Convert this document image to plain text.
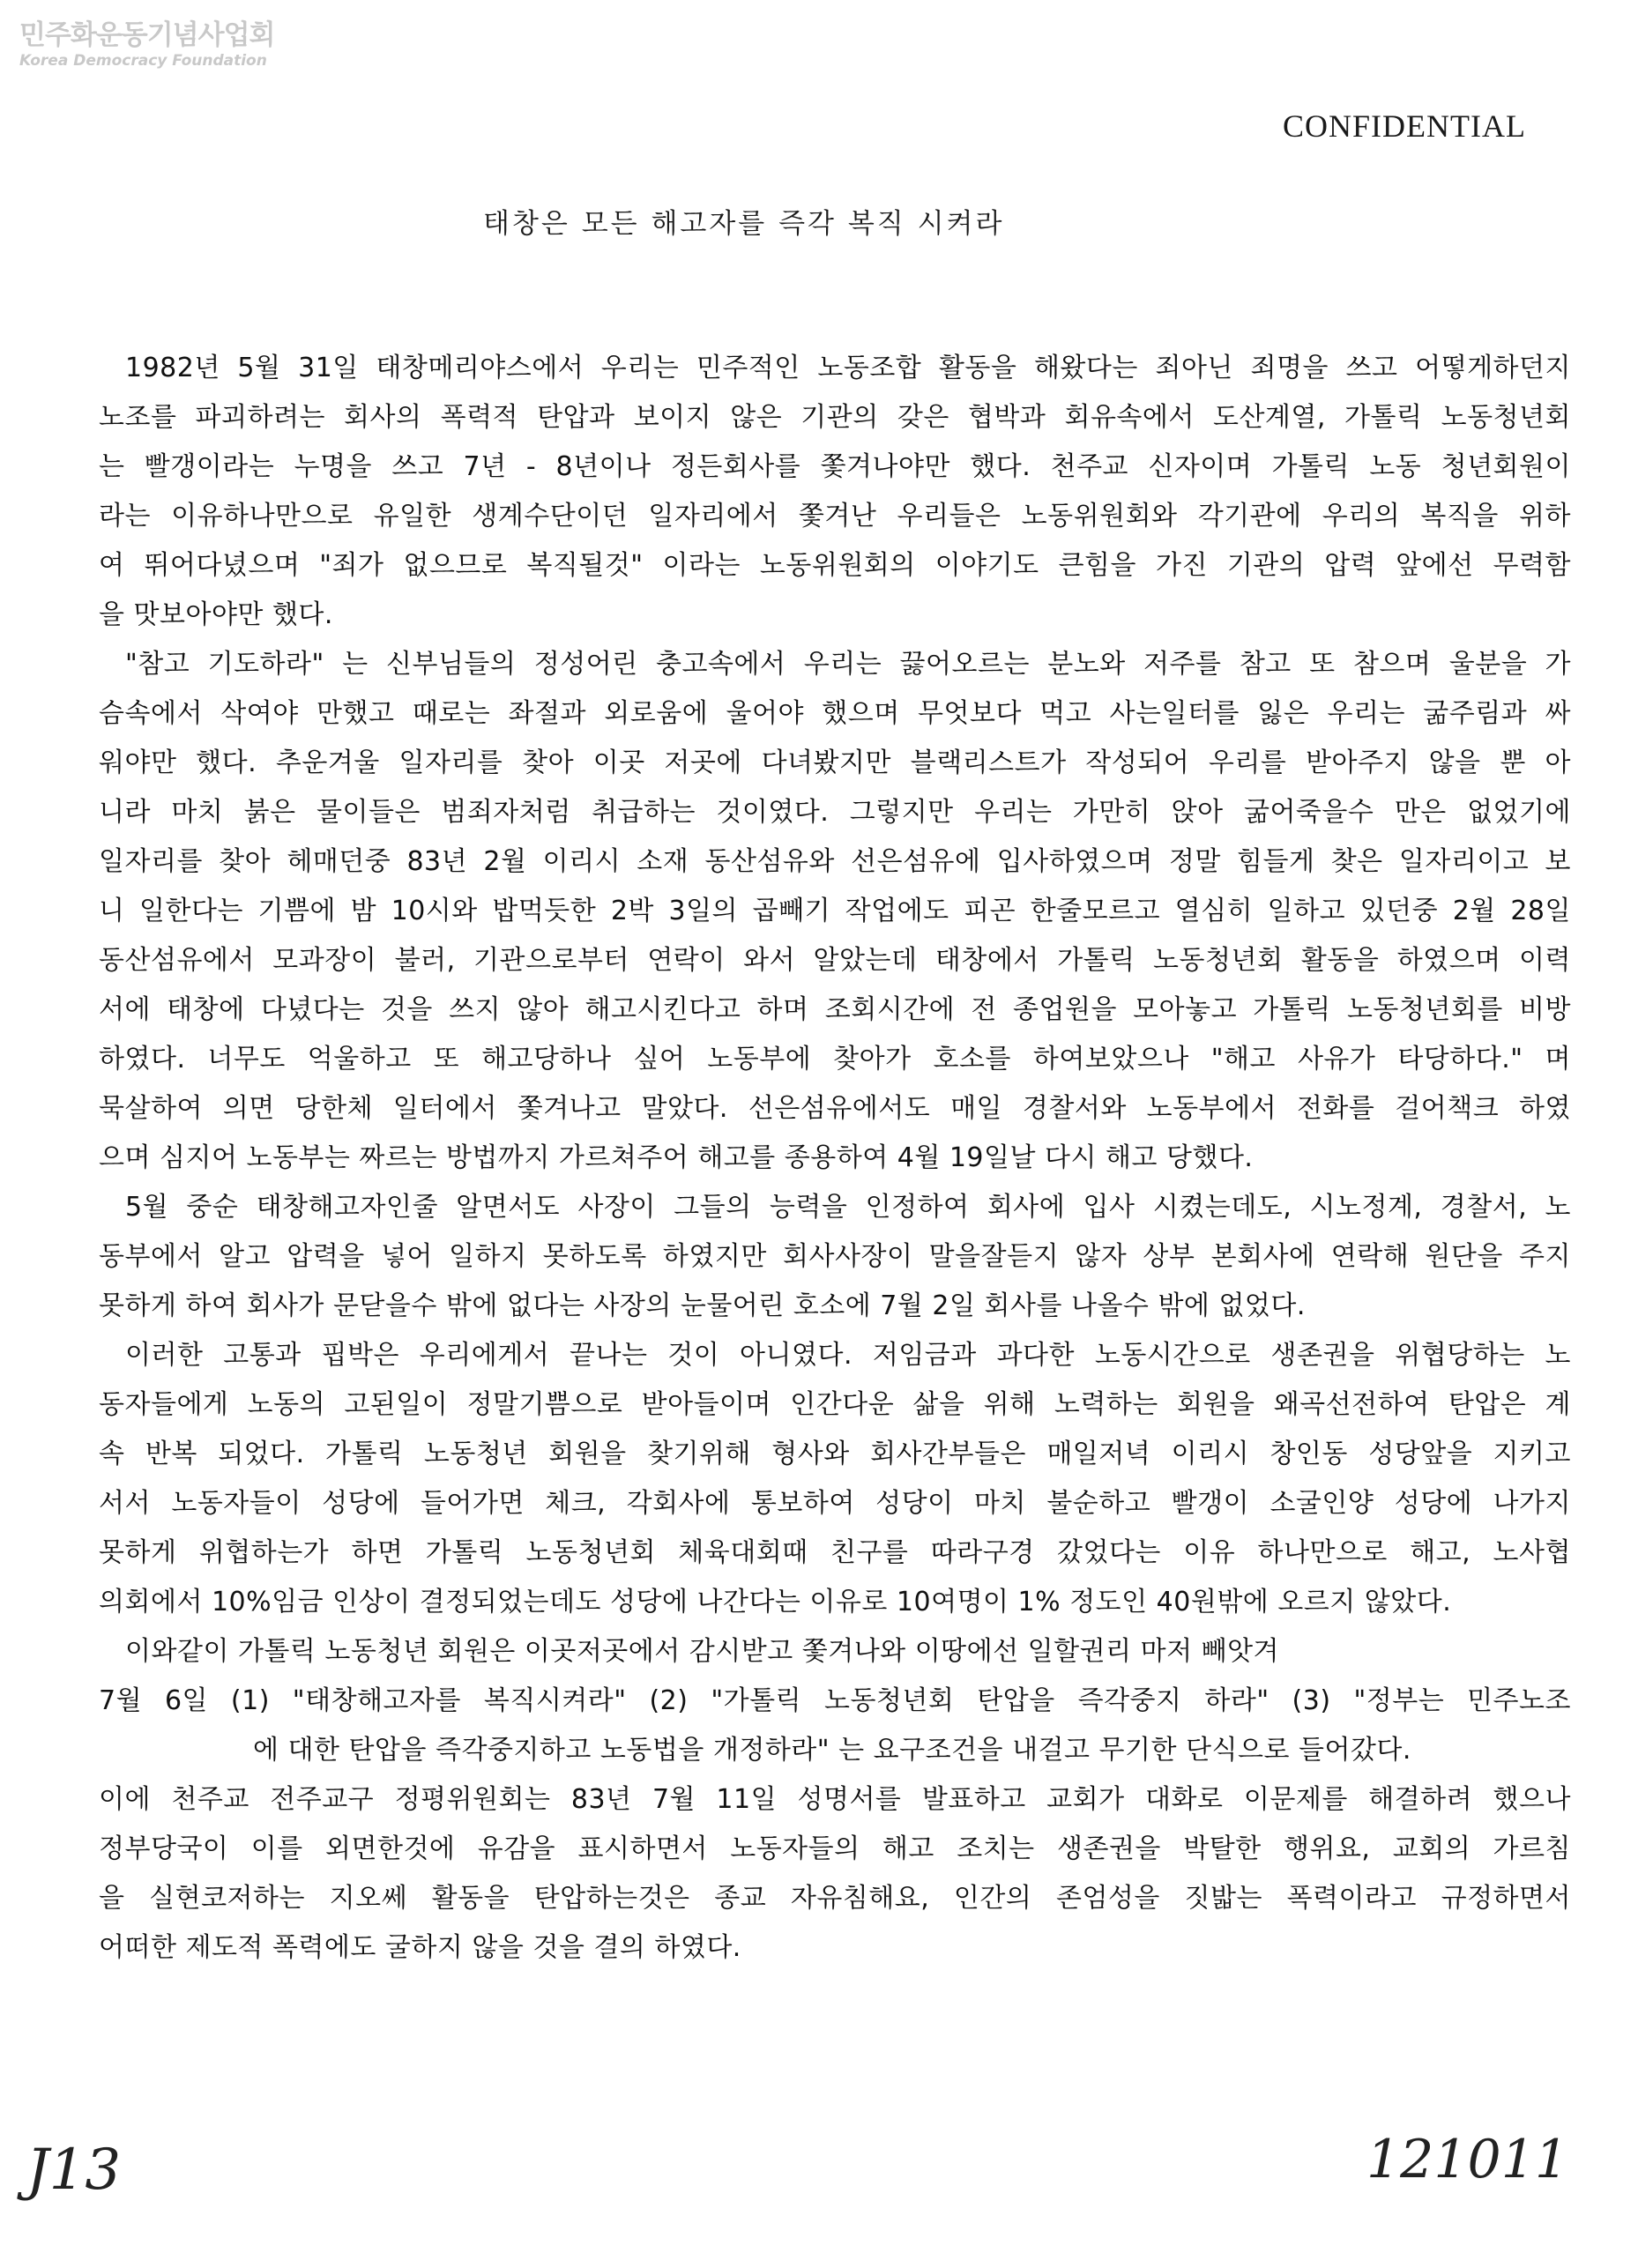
민주화운동기념사업회
Korea Democracy Foundation
CONFIDENTIAL
태창은 모든 해고자를 즉각 복직 시켜라
1982년 5월 31일 태창메리야스에서 우리는 민주적인 노동조합 활동을 해왔다는 죄아닌 죄명을 쓰고 어떻게하던지
노조를 파괴하려는 회사의 폭력적 탄압과 보이지 않은 기관의 갖은 협박과 회유속에서 도산계열, 가톨릭 노동청년회
는 빨갱이라는 누명을 쓰고 7년 - 8년이나 정든회사를 쫓겨나야만 했다. 천주교 신자이며 가톨릭 노동 청년회원이
라는 이유하나만으로 유일한 생계수단이던 일자리에서 쫓겨난 우리들은 노동위원회와 각기관에 우리의 복직을 위하
여 뛰어다녔으며 "죄가 없으므로 복직될것" 이라는 노동위원회의 이야기도 큰힘을 가진 기관의 압력 앞에선 무력함
을 맛보아야만 했다.
"참고 기도하라" 는 신부님들의 정성어린 충고속에서 우리는 끓어오르는 분노와 저주를 참고 또 참으며 울분을 가
슴속에서 삭여야 만했고 때로는 좌절과 외로움에 울어야 했으며 무엇보다 먹고 사는일터를 잃은 우리는 굶주림과 싸
워야만 했다. 추운겨울 일자리를 찾아 이곳 저곳에 다녀봤지만 블랙리스트가 작성되어 우리를 받아주지 않을 뿐 아
니라 마치 붉은 물이들은 범죄자처럼 취급하는 것이였다. 그렇지만 우리는 가만히 앉아 굶어죽을수 만은 없었기에
일자리를 찾아 헤매던중 83년 2월 이리시 소재 동산섬유와 선은섬유에 입사하였으며 정말 힘들게 찾은 일자리이고 보
니 일한다는 기쁨에 밤 10시와 밥먹듯한 2박 3일의 곱빼기 작업에도 피곤 한줄모르고 열심히 일하고 있던중 2월 28일
동산섬유에서 모과장이 불러, 기관으로부터 연락이 와서 알았는데 태창에서 가톨릭 노동청년회 활동을 하였으며 이력
서에 태창에 다녔다는 것을 쓰지 않아 해고시킨다고 하며 조회시간에 전 종업원을 모아놓고 가톨릭 노동청년회를 비방
하였다. 너무도 억울하고 또 해고당하나 싶어 노동부에 찾아가 호소를 하여보았으나 "해고 사유가 타당하다." 며
묵살하여 의면 당한체 일터에서 쫓겨나고 말았다. 선은섬유에서도 매일 경찰서와 노동부에서 전화를 걸어책크 하였
으며 심지어 노동부는 짜르는 방법까지 가르쳐주어 해고를 종용하여 4월 19일날 다시 해고 당했다.
5월 중순 태창해고자인줄 알면서도 사장이 그들의 능력을 인정하여 회사에 입사 시켰는데도, 시노정계, 경찰서, 노
동부에서 알고 압력을 넣어 일하지 못하도록 하였지만 회사사장이 말을잘듣지 않자 상부 본회사에 연락해 원단을 주지
못하게 하여 회사가 문닫을수 밖에 없다는 사장의 눈물어린 호소에 7월 2일 회사를 나올수 밖에 없었다.
이러한 고통과 핍박은 우리에게서 끝나는 것이 아니였다. 저임금과 과다한 노동시간으로 생존권을 위협당하는 노
동자들에게 노동의 고된일이 정말기쁨으로 받아들이며 인간다운 삶을 위해 노력하는 회원을 왜곡선전하여 탄압은 계
속 반복 되었다. 가톨릭 노동청년 회원을 찾기위해 형사와 회사간부들은 매일저녁 이리시 창인동 성당앞을 지키고
서서 노동자들이 성당에 들어가면 체크, 각회사에 통보하여 성당이 마치 불순하고 빨갱이 소굴인양 성당에 나가지
못하게 위협하는가 하면 가톨릭 노동청년회 체육대회때 친구를 따라구경 갔었다는 이유 하나만으로 해고, 노사협
의회에서 10%임금 인상이 결정되었는데도 성당에 나간다는 이유로 10여명이 1% 정도인 40원밖에 오르지 않았다.
이와같이 가톨릭 노동청년 회원은 이곳저곳에서 감시받고 쫓겨나와 이땅에선 일할권리 마저 빼앗겨
7월 6일 (1) "태창해고자를 복직시켜라" (2) "가톨릭 노동청년회 탄압을 즉각중지 하라" (3) "정부는 민주노조
에 대한 탄압을 즉각중지하고 노동법을 개정하라" 는 요구조건을 내걸고 무기한 단식으로 들어갔다.
이에 천주교 전주교구 정평위원회는 83년 7월 11일 성명서를 발표하고 교회가 대화로 이문제를 해결하려 했으나
정부당국이 이를 외면한것에 유감을 표시하면서 노동자들의 해고 조치는 생존권을 박탈한 행위요, 교회의 가르침
을 실현코저하는 지오쎄 활동을 탄압하는것은 종교 자유침해요, 인간의 존엄성을 짓밟는 폭력이라고 규정하면서
어떠한 제도적 폭력에도 굴하지 않을 것을 결의 하였다.
J13	121011
